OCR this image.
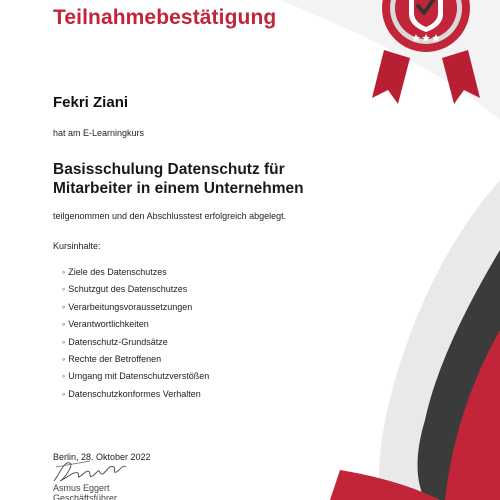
Teilnahmebestätigung
Fekri Ziani
hat am E-Learningkurs
Basisschulung Datenschutz für
Mitarbeiter in einem Unternehmen
teilgenommen und den Abschlusstest erfolgreich abgelegt.
Kursinhalte:
◦ Ziele des Datenschutzes
◦ Schutzgut des Datenschutzes
◦ Verarbeitungsvoraussetzungen
◦ Verantwortlichkeiten
◦ Datenschutz-Grundsätze
◦ Rechte der Betroffenen
◦ Umgang mit Datenschutzverstößen
◦ Datenschutzkonformes Verhalten
Berlin, 28. Oktober 2022
Asmus Eggert
Geschäftsführer
